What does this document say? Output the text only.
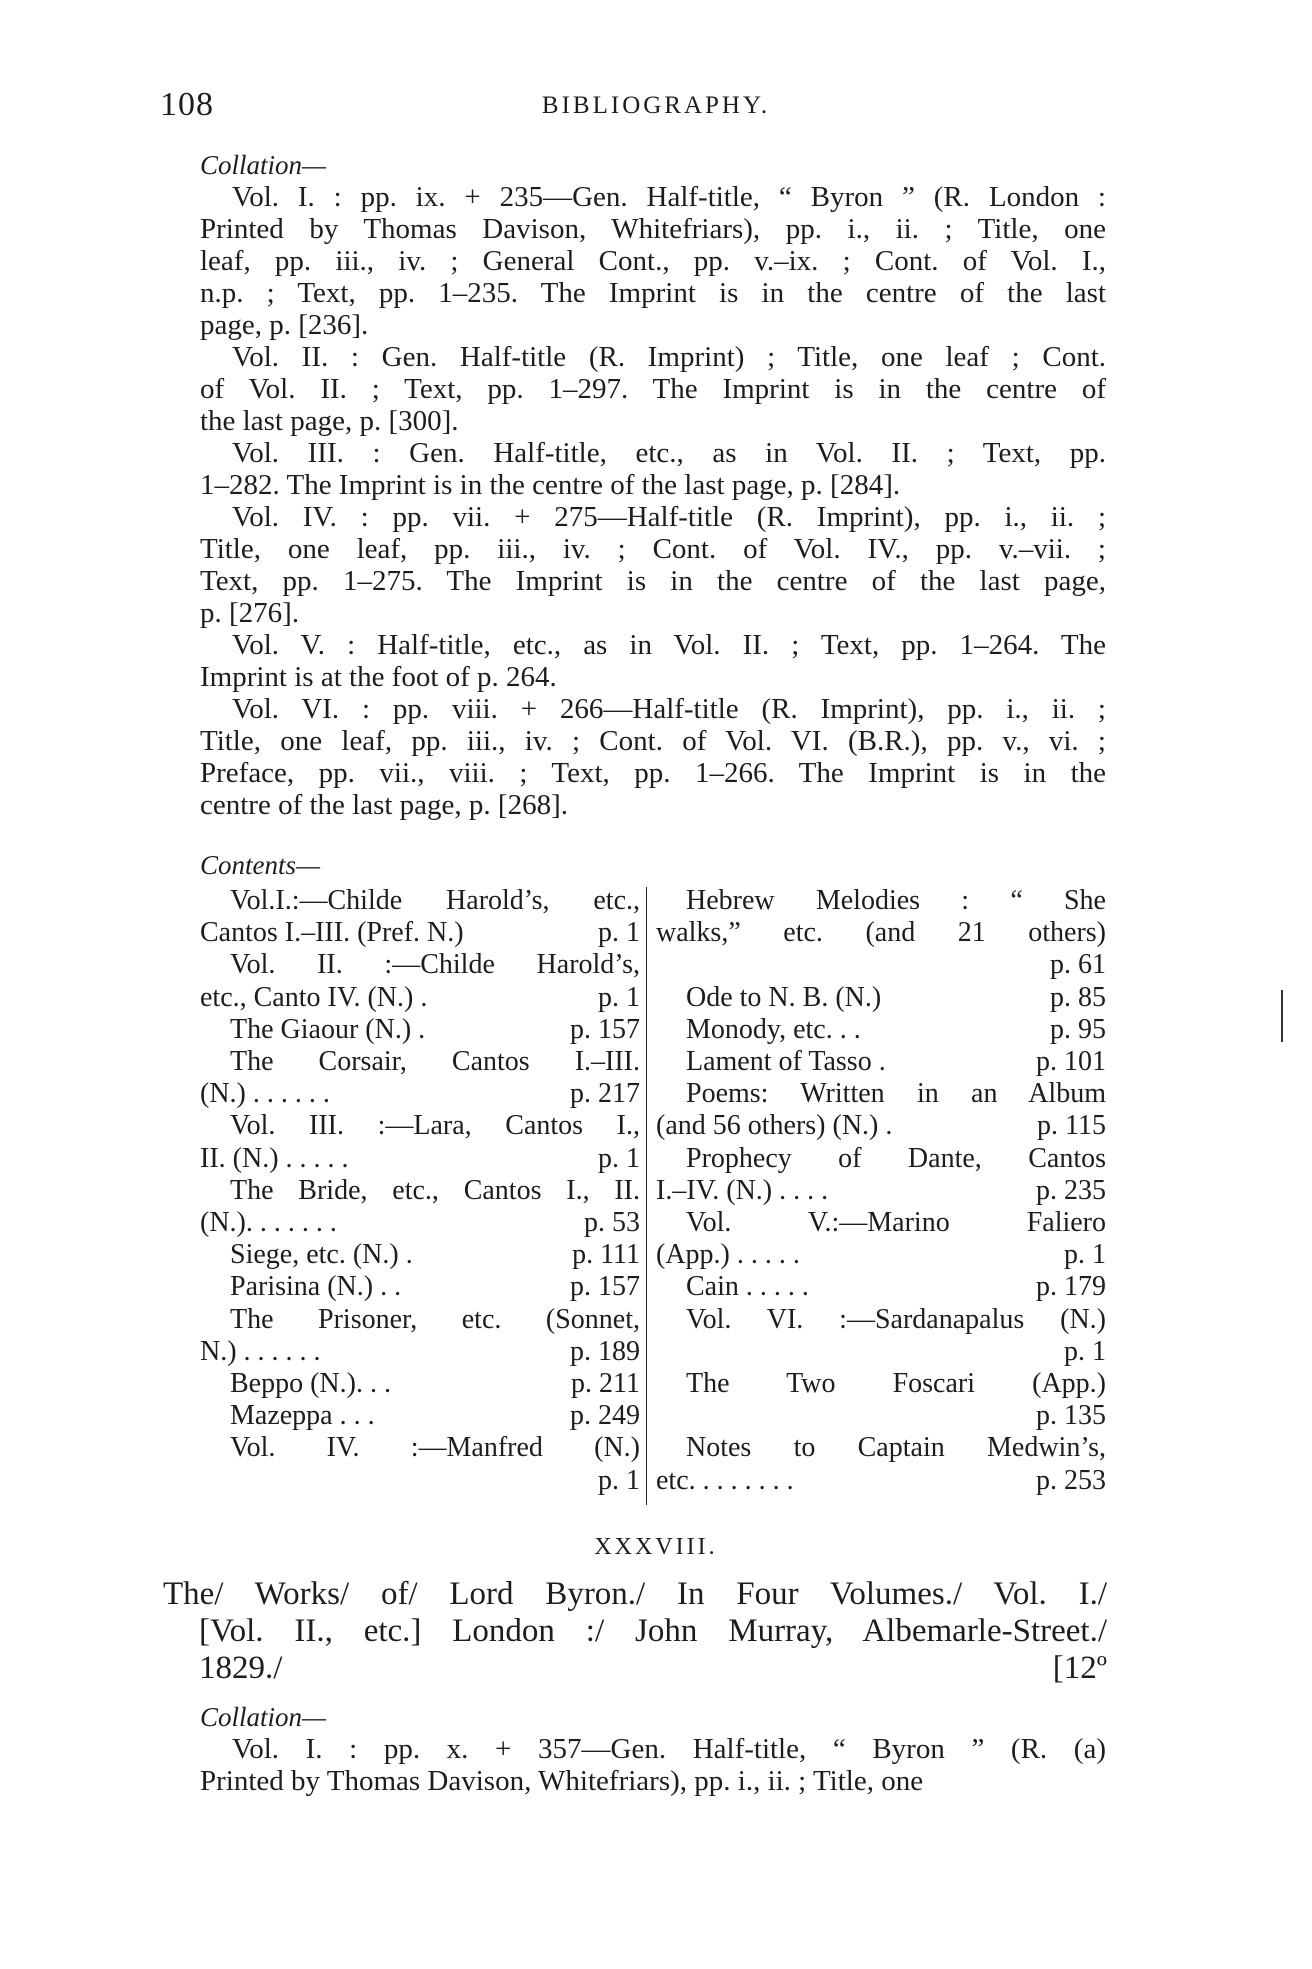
108	BIBLIOGRAPHY.
Collation—
Vol. I. : pp. ix. + 235—Gen. Half-title, “ Byron ” (R. London :
Printed by Thomas Davison, Whitefriars), pp. i., ii. ; Title, one
leaf, pp. iii., iv. ; General Cont., pp. v.–ix. ; Cont. of Vol. I.,
n.p. ; Text, pp. 1–235. The Imprint is in the centre of the last
page, p. [236].
Vol. II. : Gen. Half-title (R. Imprint) ; Title, one leaf ; Cont.
of Vol. II. ; Text, pp. 1–297. The Imprint is in the centre of
the last page, p. [300].
Vol. III. : Gen. Half-title, etc., as in Vol. II. ; Text, pp.
1–282. The Imprint is in the centre of the last page, p. [284].
Vol. IV. : pp. vii. + 275—Half-title (R. Imprint), pp. i., ii. ;
Title, one leaf, pp. iii., iv. ; Cont. of Vol. IV., pp. v.–vii. ;
Text, pp. 1–275. The Imprint is in the centre of the last page,
p. [276].
Vol. V. : Half-title, etc., as in Vol. II. ; Text, pp. 1–264. The
Imprint is at the foot of p. 264.
Vol. VI. : pp. viii. + 266—Half-title (R. Imprint), pp. i., ii. ;
Title, one leaf, pp. iii., iv. ; Cont. of Vol. VI. (B.R.), pp. v., vi. ;
Preface, pp. vii., viii. ; Text, pp. 1–266. The Imprint is in the
centre of the last page, p. [268].
Contents—
Vol.I.:—Childe Harold’s, etc.,
Cantos I.–III. (Pref. N.)	p. 1
Vol. II. :—Childe Harold’s,
etc., Canto IV. (N.) .	p. 1
The Giaour (N.) .	p. 157
The Corsair, Cantos I.–III.
(N.) . . . . . .	p. 217
Vol. III. :—Lara, Cantos I.,
II. (N.) . . . . .	p. 1
The Bride, etc., Cantos I., II.
(N.). . . . . . .	p. 53
Siege, etc. (N.) .	p. 111
Parisina (N.) . .	p. 157
The Prisoner, etc. (Sonnet,
N.) . . . . . .	p. 189
Beppo (N.). . .	p. 211
Mazeppa . . .	p. 249
Vol. IV. :—Manfred (N.)
p. 1
Hebrew Melodies : “ She
walks,” etc. (and 21 others)
p. 61
Ode to N. B. (N.)	p. 85
Monody, etc. . .	p. 95
Lament of Tasso .	p. 101
Poems: Written in an Album
(and 56 others) (N.) .	p. 115
Prophecy of Dante, Cantos
I.–IV. (N.) . . . .	p. 235
Vol. V.:—Marino Faliero
(App.) . . . . .	p. 1
Cain . . . . .	p. 179
Vol. VI. :—Sardanapalus (N.)
p. 1
The Two Foscari (App.)
p. 135
Notes to Captain Medwin’s,
etc. . . . . . . .	p. 253
XXXVIII.
The/ Works/ of/ Lord Byron./ In Four Volumes./ Vol. I./
[Vol. II., etc.] London :/ John Murray, Albemarle-Street./
1829./	[12º
Collation—
Vol. I. : pp. x. + 357—Gen. Half-title, “ Byron ” (R. (a)
Printed by Thomas Davison, Whitefriars), pp. i., ii. ; Title, one
